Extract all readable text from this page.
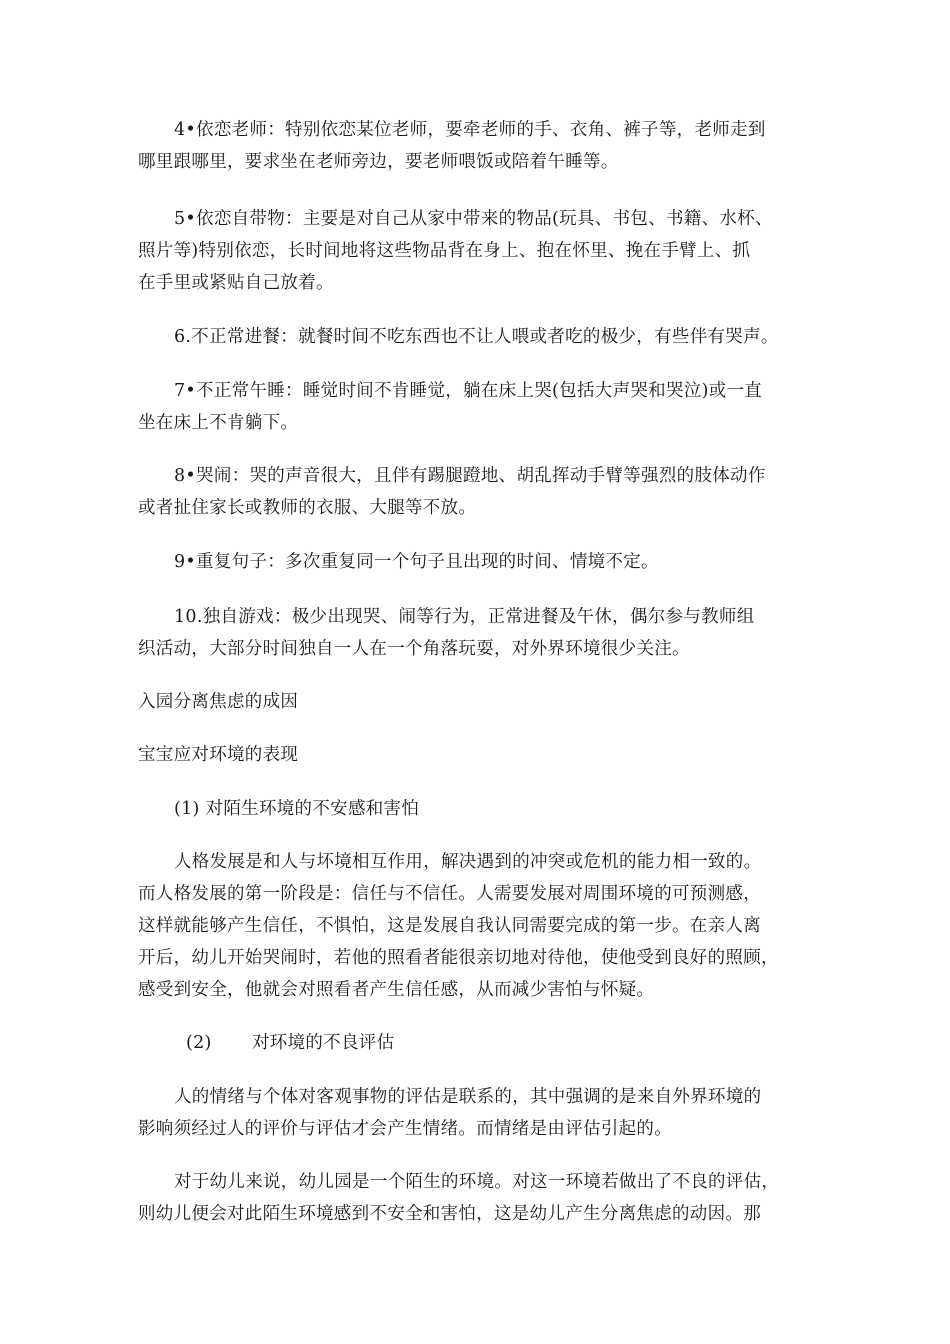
4•依恋老师：特别依恋某位老师，要牵老师的手、衣角、裤子等，老师走到
哪里跟哪里，要求坐在老师旁边，要老师喂饭或陪着午睡等。

5•依恋自带物：主要是对自己从家中带来的物品(玩具、书包、书籍、水杯、
照片等)特别依恋，长时间地将这些物品背在身上、抱在怀里、挽在手臂上、抓
在手里或紧贴自己放着。

6.不正常进餐：就餐时间不吃东西也不让人喂或者吃的极少，有些伴有哭声。

7•不正常午睡：睡觉时间不肯睡觉，躺在床上哭(包括大声哭和哭泣)或一直
坐在床上不肯躺下。

8•哭闹：哭的声音很大，且伴有踢腿蹬地、胡乱挥动手臂等强烈的肢体动作
或者扯住家长或教师的衣服、大腿等不放。

9•重复句子：多次重复同一个句子且出现的时间、情境不定。

10.独自游戏：极少出现哭、闹等行为，正常进餐及午休，偶尔参与教师组
织活动，大部分时间独自一人在一个角落玩耍，对外界环境很少关注。

入园分离焦虑的成因

宝宝应对环境的表现

(1) 对陌生环境的不安感和害怕

人格发展是和人与坏境相互作用，解决遇到的冲突或危机的能力相一致的。
而人格发展的第一阶段是：信任与不信任。人需要发展对周围环境的可预测感，
这样就能够产生信任，不惧怕，这是发展自我认同需要完成的第一步。在亲人离
开后，幼儿开始哭闹时，若他的照看者能很亲切地对待他，使他受到良好的照顾，
感受到安全，他就会对照看者产生信任感，从而减少害怕与怀疑。

(2) 对环境的不良评估

人的情绪与个体对客观事物的评估是联系的，其中强调的是来自外界环境的
影响须经过人的评价与评估才会产生情绪。而情绪是由评估引起的。

对于幼儿来说，幼儿园是一个陌生的环境。对这一环境若做出了不良的评估，
则幼儿便会对此陌生环境感到不安全和害怕，这是幼儿产生分离焦虑的动因。那
